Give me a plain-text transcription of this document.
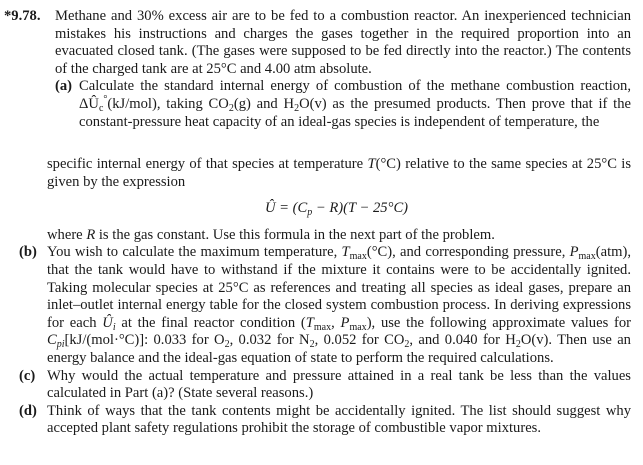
*9.78. Methane and 30% excess air are to be fed to a combustion reactor. An inexperienced technician mistakes his instructions and charges the gases together in the required proportion into an evacuated closed tank. (The gases were supposed to be fed directly into the reactor.) The contents of the charged tank are at 25°C and 4.00 atm absolute.
(a) Calculate the standard internal energy of combustion of the methane combustion reaction, $\Delta Û_c^\circ(kJ/mol)$, taking $CO_2(g)$ and $H_2O(v)$ as the presumed products. Then prove that if the constant-pressure heat capacity of an ideal-gas species is independent of temperature, the
specific internal energy of that species at temperature T(°C) relative to the same species at 25°C is given by the expression
Û = $(C_p - R)(T - 25^\circ C)$
where R is the gas constant. Use this formula in the next part of the problem.
(b) You wish to calculate the maximum temperature, $T_{max}(^\circ C)$, and corresponding pressure, $P_{max}(atm)$, that the tank would have to withstand if the mixture it contains were to be accidentally ignited. Taking molecular species at 25°C as references and treating all species as ideal gases, prepare an inlet–outlet internal energy table for the closed system combustion process. In deriving expressions for each $Û_i$ at the final reactor condition ($T_{max}$, $P_{max}$), use the following approximate values for $C_{pi}[kJ/(mol\cdot^\circ C)]$: 0.033 for $O_2$, 0.032 for $N_2$, 0.052 for $CO_2$, and 0.040 for $H_2O(v)$. Then use an energy balance and the ideal-gas equation of state to perform the required calculations.
(c) Why would the actual temperature and pressure attained in a real tank be less than the values calculated in Part (a)? (State several reasons.)
(d) Think of ways that the tank contents might be accidentally ignited. The list should suggest why accepted plant safety regulations prohibit the storage of combustible vapor mixtures.
